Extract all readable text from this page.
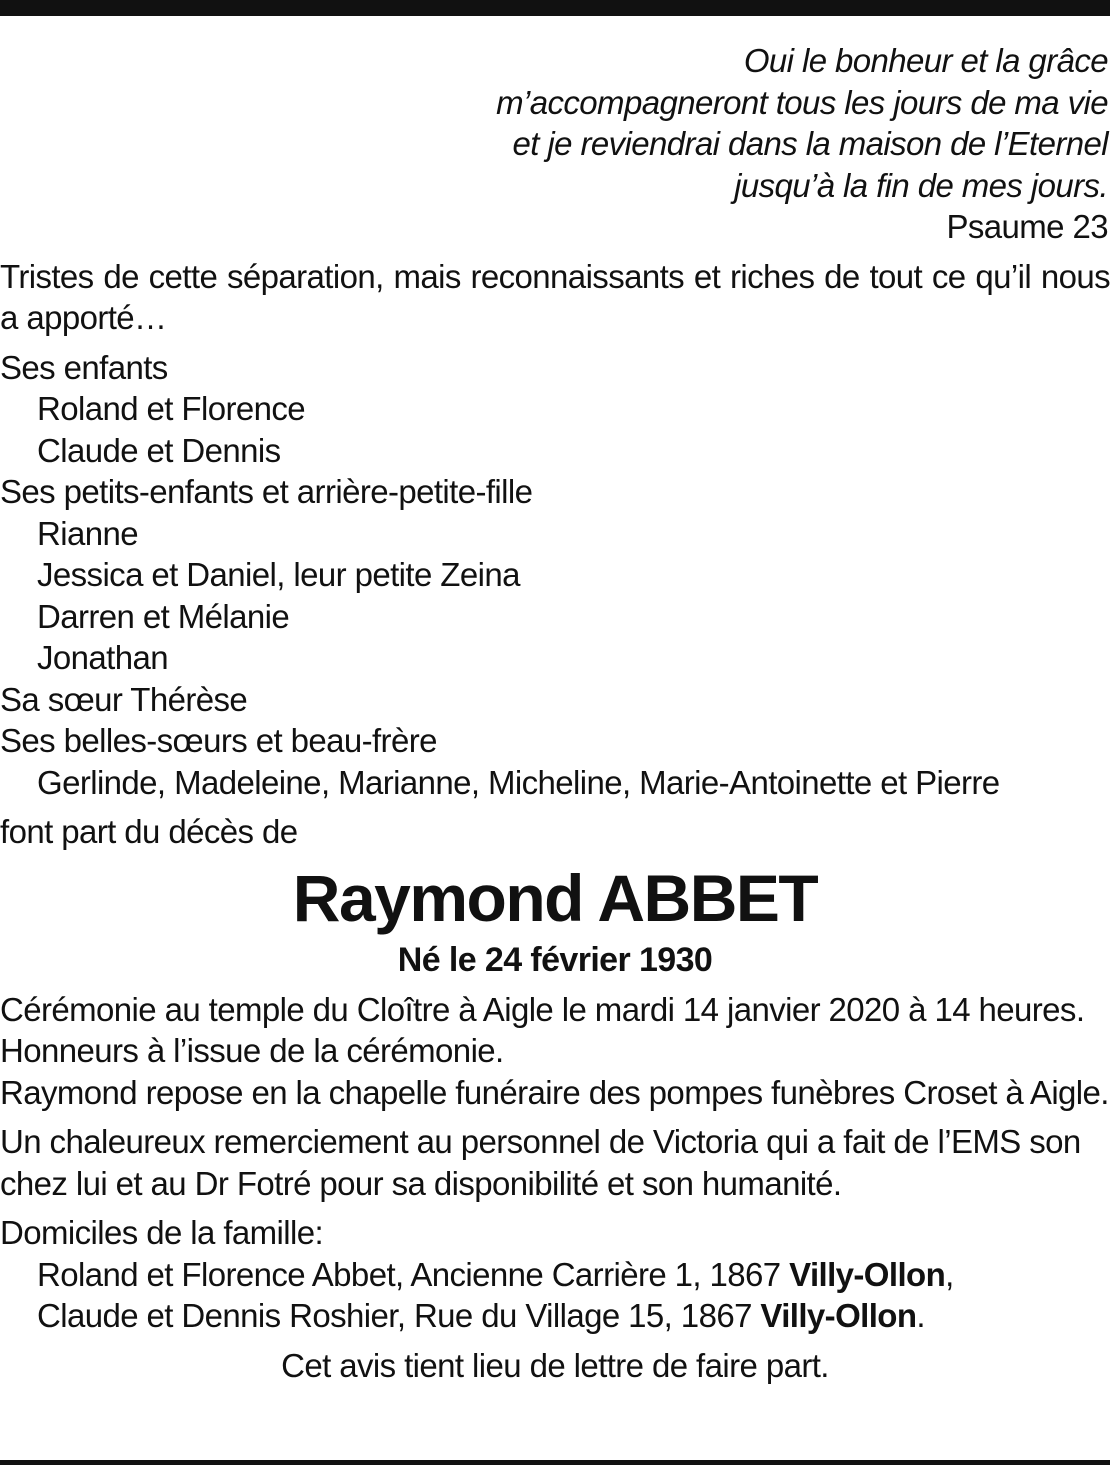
Oui le bonheur et la grâce
m’accompagneront tous les jours de ma vie
et je reviendrai dans la maison de l’Eternel
jusqu’à la fin de mes jours.
Psaume 23
Tristes de cette séparation, mais reconnaissants et riches de tout ce qu’il nous a apporté…
Ses enfants
Roland et Florence
Claude et Dennis
Ses petits-enfants et arrière-petite-fille
Rianne
Jessica et Daniel, leur petite Zeina
Darren et Mélanie
Jonathan
Sa sœur Thérèse
Ses belles-sœurs et beau-frère
Gerlinde, Madeleine, Marianne, Micheline, Marie-Antoinette et Pierre
font part du décès de
Raymond ABBET
Né le 24 février 1930
Cérémonie au temple du Cloître à Aigle le mardi 14 janvier 2020 à 14 heures.
Honneurs à l’issue de la cérémonie.
Raymond repose en la chapelle funéraire des pompes funèbres Croset à Aigle.
Un chaleureux remerciement au personnel de Victoria qui a fait de l’EMS son
chez lui et au Dr Fotré pour sa disponibilité et son humanité.
Domiciles de la famille:
Roland et Florence Abbet, Ancienne Carrière 1, 1867 Villy-Ollon,
Claude et Dennis Roshier, Rue du Village 15, 1867 Villy-Ollon.
Cet avis tient lieu de lettre de faire part.
